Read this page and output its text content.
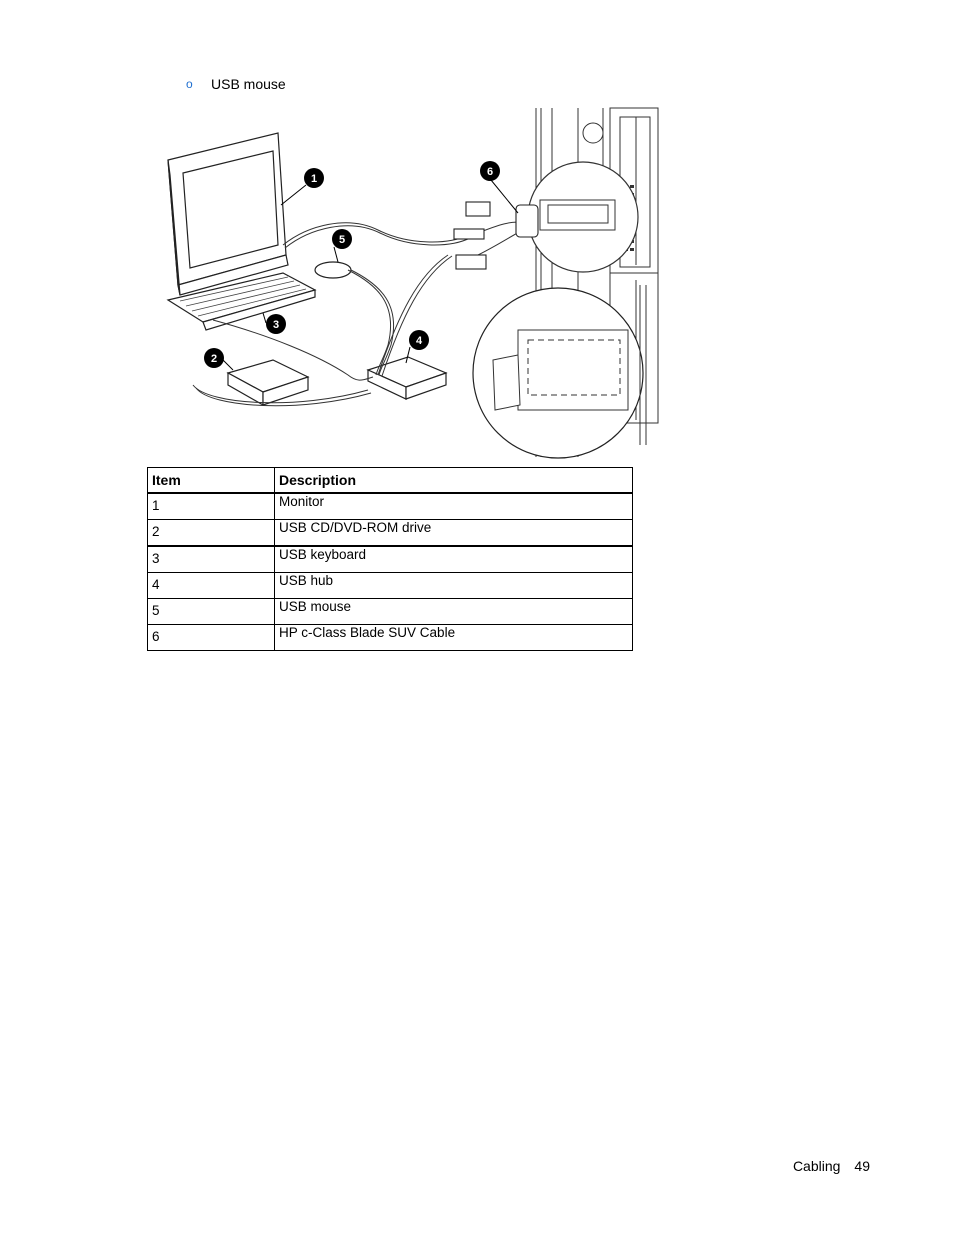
o	USB mouse
1
2
3
4
5
6
Item	Description
1	Monitor
2	USB CD/DVD-ROM drive
3	USB keyboard
4	USB hub
5	USB mouse
6	HP c-Class Blade SUV Cable
Cabling 49
